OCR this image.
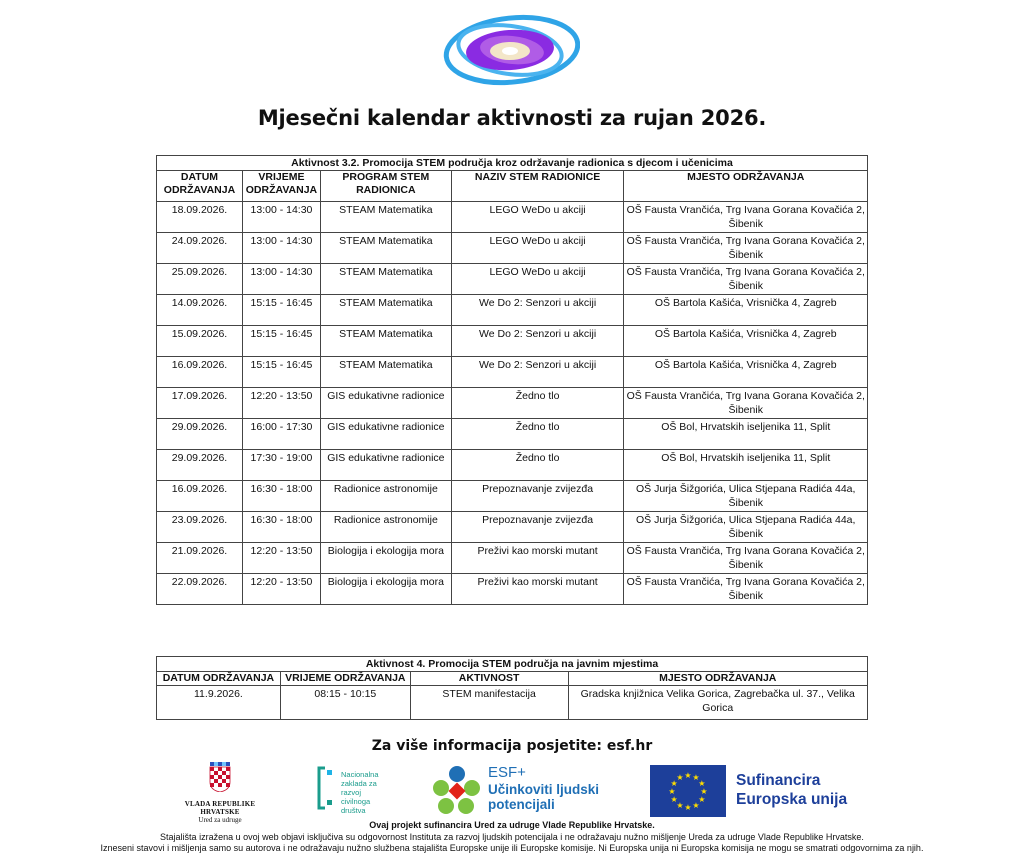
Mjesečni kalendar aktivnosti za rujan 2026.
Aktivnost 3.2. Promocija STEM područja kroz održavanje radionica s djecom i učenicima				
DATUM ODRŽAVANJA	VRIJEME ODRŽAVANJA	PROGRAM STEM RADIONICA	NAZIV STEM RADIONICE	MJESTO ODRŽAVANJA
18.09.2026.	13:00 - 14:30	STEAM Matematika	LEGO WeDo u akciji	OŠ Fausta Vrančića, Trg Ivana Gorana Kovačića 2, Šibenik
24.09.2026.	13:00 - 14:30	STEAM Matematika	LEGO WeDo u akciji	OŠ Fausta Vrančića, Trg Ivana Gorana Kovačića 2, Šibenik
25.09.2026.	13:00 - 14:30	STEAM Matematika	LEGO WeDo u akciji	OŠ Fausta Vrančića, Trg Ivana Gorana Kovačića 2, Šibenik
14.09.2026.	15:15 - 16:45	STEAM Matematika	We Do 2: Senzori u akciji	OŠ Bartola Kašića, Vrisnička 4, Zagreb
15.09.2026.	15:15 - 16:45	STEAM Matematika	We Do 2: Senzori u akciji	OŠ Bartola Kašića, Vrisnička 4, Zagreb
16.09.2026.	15:15 - 16:45	STEAM Matematika	We Do 2: Senzori u akciji	OŠ Bartola Kašića, Vrisnička 4, Zagreb
17.09.2026.	12:20 - 13:50	GIS edukativne radionice	Žedno tlo	OŠ Fausta Vrančića, Trg Ivana Gorana Kovačića 2, Šibenik
29.09.2026.	16:00 - 17:30	GIS edukativne radionice	Žedno tlo	OŠ Bol, Hrvatskih iseljenika 11, Split
29.09.2026.	17:30 - 19:00	GIS edukativne radionice	Žedno tlo	OŠ Bol, Hrvatskih iseljenika 11, Split
16.09.2026.	16:30 - 18:00	Radionice astronomije	Prepoznavanje zvijezđa	OŠ Jurja Šižgorića, Ulica Stjepana Radića 44a, Šibenik
23.09.2026.	16:30 - 18:00	Radionice astronomije	Prepoznavanje zvijezđa	OŠ Jurja Šižgorića, Ulica Stjepana Radića 44a, Šibenik
21.09.2026.	12:20 - 13:50	Biologija i ekologija mora	Preživi kao morski mutant	OŠ Fausta Vrančića, Trg Ivana Gorana Kovačića 2, Šibenik
22.09.2026.	12:20 - 13:50	Biologija i ekologija mora	Preživi kao morski mutant	OŠ Fausta Vrančića, Trg Ivana Gorana Kovačića 2, Šibenik
Aktivnost 4. Promocija STEM područja na javnim mjestima			
DATUM ODRŽAVANJA	VRIJEME ODRŽAVANJA	AKTIVNOST	MJESTO ODRŽAVANJA
11.9.2026.	08:15 - 10:15	STEM manifestacija	Gradska knjižnica Velika Gorica, Zagrebačka ul. 37., Velika Gorica
Za više informacija posjetite: esf.hr
VLADA REPUBLIKE HRVATSKE
Ured za udruge
Nacionalna
zaklada za
razvoj
civilnoga
društva
ESF+
Učinkoviti ljudski
potencijali
★
★
★
★
★
★
★
★
★ ★ ★
★ Sufinancira
Europska unija
Ovaj projekt sufinancira Ured za udruge Vlade Republike Hrvatske.
Stajališta izražena u ovoj web objavi isključiva su odgovornost Instituta za razvoj ljudskih potencijala i ne odražavaju nužno mišljenje Ureda za udruge Vlade Republike Hrvatske.
Izneseni stavovi i mišljenja samo su autorova i ne odražavaju nužno službena stajališta Europske unije ili Europske komisije. Ni Europska unija ni Europska komisija ne mogu se smatrati odgovornima za njih.
